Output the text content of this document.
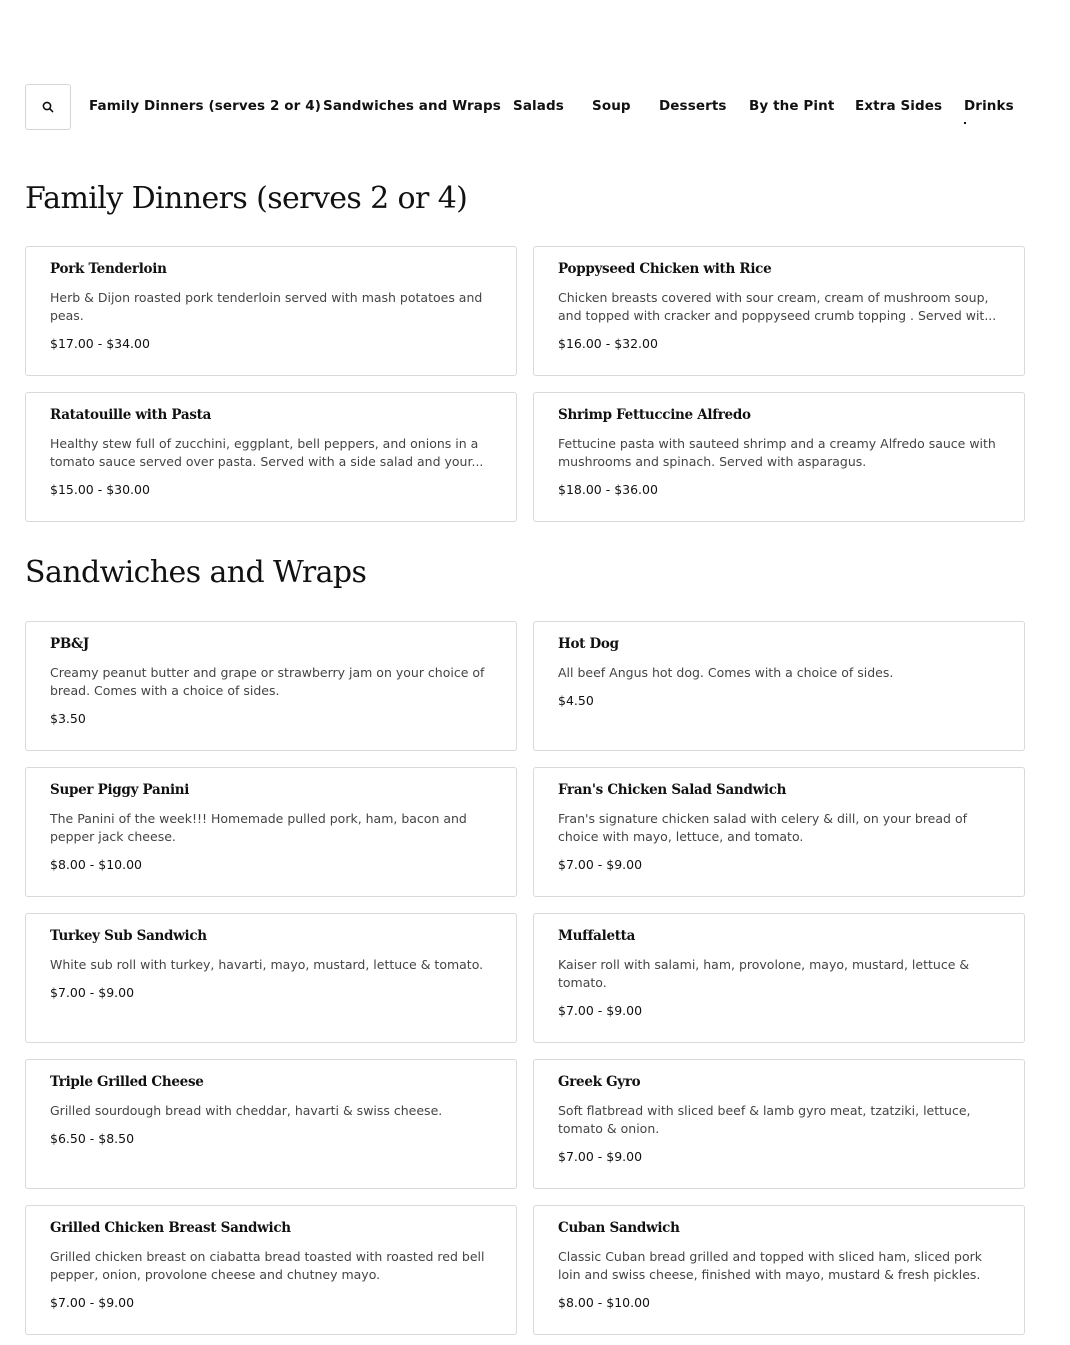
Family Dinners (serves 2 or 4) Sandwiches and Wraps Salads Soup Desserts By the Pint Extra Sides Drinks
Family Dinners (serves 2 or 4)

Pork Tenderloin

Herb & Dijon roasted pork tenderloin served with mash potatoes and peas.

$17.00 - $34.00

Poppyseed Chicken with Rice

Chicken breasts covered with sour cream, cream of mushroom soup, and topped with cracker and poppyseed crumb topping . Served wit...

$16.00 - $32.00

Ratatouille with Pasta

Healthy stew full of zucchini, eggplant, bell peppers, and onions in a tomato sauce served over pasta. Served with a side salad and your...

$15.00 - $30.00

Shrimp Fettuccine Alfredo

Fettucine pasta with sauteed shrimp and a creamy Alfredo sauce with mushrooms and spinach. Served with asparagus.

$18.00 - $36.00

Sandwiches and Wraps

PB&J

Creamy peanut butter and grape or strawberry jam on your choice of bread. Comes with a choice of sides.

$3.50

Hot Dog

All beef Angus hot dog. Comes with a choice of sides.

$4.50

Super Piggy Panini

The Panini of the week!!! Homemade pulled pork, ham, bacon and pepper jack cheese.

$8.00 - $10.00

Fran's Chicken Salad Sandwich

Fran's signature chicken salad with celery & dill, on your bread of choice with mayo, lettuce, and tomato.

$7.00 - $9.00

Turkey Sub Sandwich

White sub roll with turkey, havarti, mayo, mustard, lettuce & tomato.

$7.00 - $9.00

Muffaletta

Kaiser roll with salami, ham, provolone, mayo, mustard, lettuce & tomato.

$7.00 - $9.00

Triple Grilled Cheese

Grilled sourdough bread with cheddar, havarti & swiss cheese.

$6.50 - $8.50

Greek Gyro

Soft flatbread with sliced beef & lamb gyro meat, tzatziki, lettuce, tomato & onion.

$7.00 - $9.00

Grilled Chicken Breast Sandwich

Grilled chicken breast on ciabatta bread toasted with roasted red bell pepper, onion, provolone cheese and chutney mayo.

$7.00 - $9.00

Cuban Sandwich

Classic Cuban bread grilled and topped with sliced ham, sliced pork loin and swiss cheese, finished with mayo, mustard & fresh pickles.

$8.00 - $10.00
